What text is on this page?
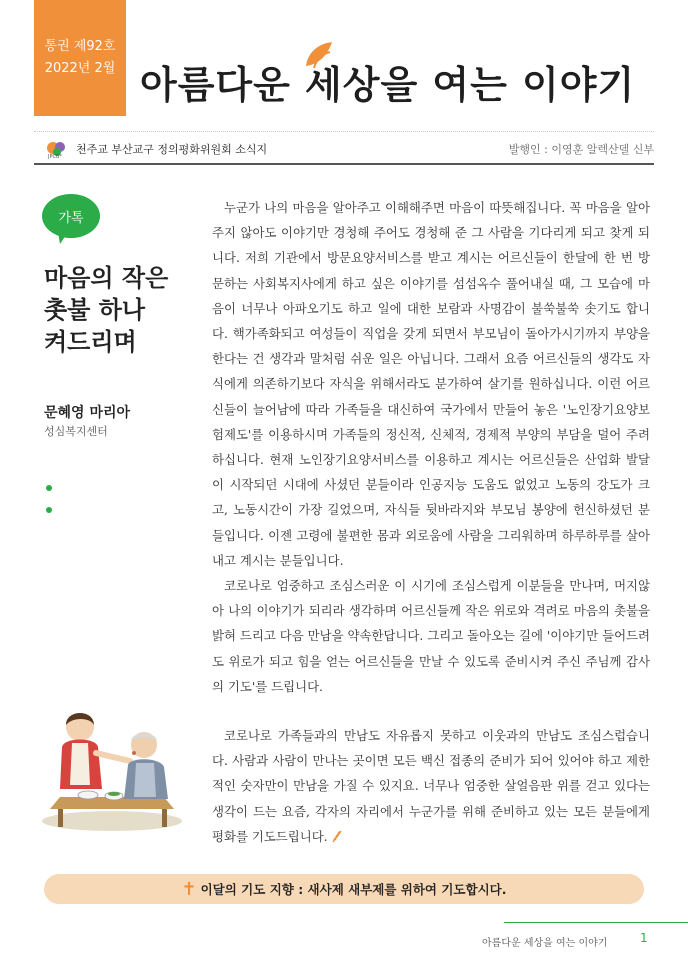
통권 제92호
2022년 2월 아름다운 세상을 여는 이야기
JPCB*
천주교 부산교구 정의평화위원회 소식지	발행인 : 이영훈 알렉산델 신부
가톡
마음의 작은
촛불 하나
켜드리며
문혜영 마리아
성심복지센터

누군가 나의 마음을 알아주고 이해해주면 마음이 따뜻해집니다. 꼭 마음을 알아주지 않아도 이야기만 경청해 주어도 경청해 준 그 사람을 기다리게 되고 찾게 되니다. 저희 기관에서 방문요양서비스를 받고 계시는 어르신들이 한달에 한 번 방문하는 사회복지사에게 하고 싶은 이야기를 섬섬옥수 풀어내실 때, 그 모습에 마음이 너무나 아파오기도 하고 일에 대한 보람과 사명감이 불쑥불쑥 솟기도 합니다. 핵가족화되고 여성들이 직업을 갖게 되면서 부모님이 돌아가시기까지 부양을 한다는 건 생각과 말처럼 쉬운 일은 아닙니다. 그래서 요즘 어르신들의 생각도 자식에게 의존하기보다 자식을 위해서라도 분가하여 살기를 원하십니다. 이런 어르신들이 늘어남에 따라 가족들을 대신하여 국가에서 만들어 놓은 '노인장기요양보험제도'를 이용하시며 가족들의 정신적, 신체적, 경제적 부양의 부담을 덜어 주려 하십니다. 현재 노인장기요양서비스를 이용하고 계시는 어르신들은 산업화 발달이 시작되던 시대에 사셨던 분들이라 인공지능 도움도 없었고 노동의 강도가 크고, 노동시간이 가장 길었으며, 자식들 뒷바라지와 부모님 봉양에 헌신하셨던 분들입니다. 이젠 고령에 불편한 몸과 외로움에 사람을 그리워하며 하루하루를 살아내고 계시는 분들입니다.

코로나로 엄중하고 조심스러운 이 시기에 조심스럽게 이분들을 만나며, 머지않아 나의 이야기가 되리라 생각하며 어르신들께 작은 위로와 격려로 마음의 촛불을 밝혀 드리고 다음 만남을 약속한답니다. 그리고 돌아오는 길에 '이야기만 들어드려도 위로가 되고 힘을 얻는 어르신들을 만날 수 있도록 준비시켜 주신 주님께 감사의 기도'를 드립니다.

코로나로 가족들과의 만남도 자유롭지 못하고 이웃과의 만남도 조심스럽습니다. 사람과 사람이 만나는 곳이면 모든 백신 접종의 준비가 되어 있어야 하고 제한적인 숫자만이 만남을 가질 수 있지요. 너무나 엄중한 살얼음판 위를 걷고 있다는 생각이 드는 요즘, 각자의 자리에서 누군가를 위해 준비하고 있는 모든 분들에게 평화를 기도드립니다.

✝ 이달의 기도 지향 : 새사제 새부제를 위하여 기도합시다.
아름다운 세상을 여는 이야기	1
